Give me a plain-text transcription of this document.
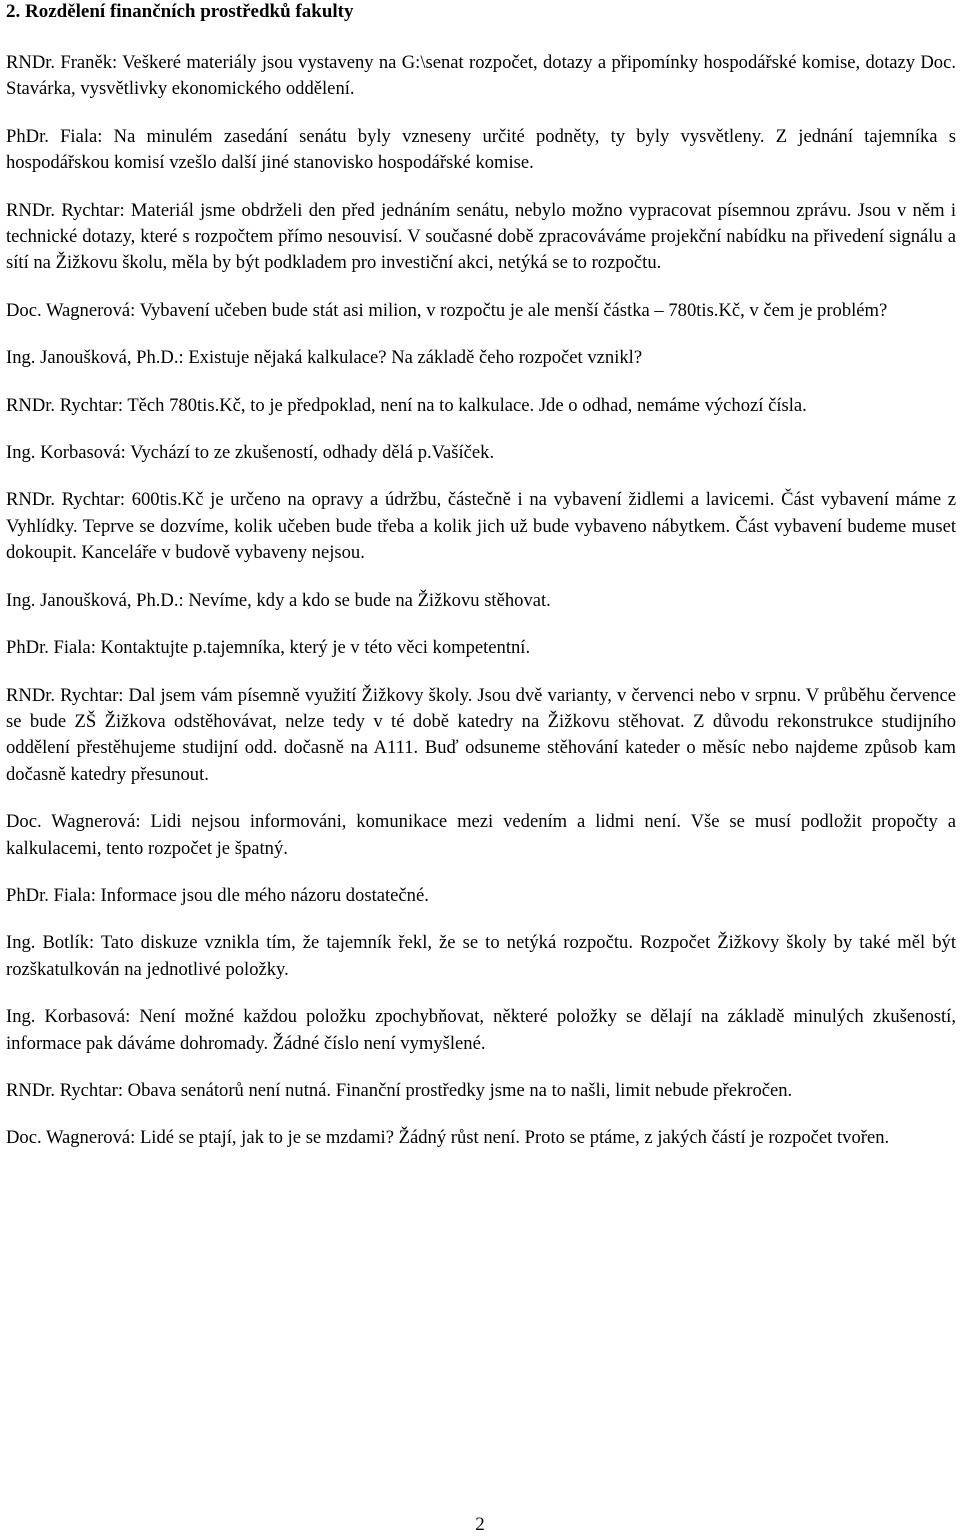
2. Rozdělení finančních prostředků fakulty

RNDr. Franěk: Veškeré materiály jsou vystaveny na G:\senat rozpočet, dotazy a připomínky hospodářské komise, dotazy Doc. Stavárka, vysvětlivky ekonomického oddělení.

PhDr. Fiala: Na minulém zasedání senátu byly vzneseny určité podněty, ty byly vysvětleny. Z jednání tajemníka s hospodářskou komisí vzešlo další jiné stanovisko hospodářské komise.

RNDr. Rychtar: Materiál jsme obdrželi den před jednáním senátu, nebylo možno vypracovat písemnou zprávu. Jsou v něm i technické dotazy, které s rozpočtem přímo nesouvisí. V současné době zpracováváme projekční nabídku na přivedení signálu a sítí na Žižkovu školu, měla by být podkladem pro investiční akci, netýká se to rozpočtu.

Doc. Wagnerová: Vybavení učeben bude stát asi milion, v rozpočtu je ale menší částka – 780tis.Kč, v čem je problém?

Ing. Janoušková, Ph.D.: Existuje nějaká kalkulace? Na základě čeho rozpočet vznikl?

RNDr. Rychtar: Těch 780tis.Kč, to je předpoklad, není na to kalkulace. Jde o odhad, nemáme výchozí čísla.

Ing. Korbasová: Vychází to ze zkušeností, odhady dělá p.Vašíček.

RNDr. Rychtar: 600tis.Kč je určeno na opravy a údržbu, částečně i na vybavení židlemi a lavicemi. Část vybavení máme z Vyhlídky. Teprve se dozvíme, kolik učeben bude třeba a kolik jich už bude vybaveno nábytkem. Část vybavení budeme muset dokoupit. Kanceláře v budově vybaveny nejsou.

Ing. Janoušková, Ph.D.: Nevíme, kdy a kdo se bude na Žižkovu stěhovat.

PhDr. Fiala: Kontaktujte p.tajemníka, který je v této věci kompetentní.

RNDr. Rychtar: Dal jsem vám písemně využití Žižkovy školy. Jsou dvě varianty, v červenci nebo v srpnu. V průběhu července se bude ZŠ Žižkova odstěhovávat, nelze tedy v té době katedry na Žižkovu stěhovat. Z důvodu rekonstrukce studijního oddělení přestěhujeme studijní odd. dočasně na A111. Buď odsuneme stěhování kateder o měsíc nebo najdeme způsob kam dočasně katedry přesunout.

Doc. Wagnerová: Lidi nejsou informováni, komunikace mezi vedením a lidmi není. Vše se musí podložit propočty a kalkulacemi, tento rozpočet je špatný.

PhDr. Fiala: Informace jsou dle mého názoru dostatečné.

Ing. Botlík: Tato diskuze vznikla tím, že tajemník řekl, že se to netýká rozpočtu. Rozpočet Žižkovy školy by také měl být rozškatulkován na jednotlivé položky.

Ing. Korbasová: Není možné každou položku zpochybňovat, některé položky se dělají na základě minulých zkušeností, informace pak dáváme dohromady. Žádné číslo není vymyšlené.

RNDr. Rychtar: Obava senátorů není nutná. Finanční prostředky jsme na to našli, limit nebude překročen.

Doc. Wagnerová: Lidé se ptají, jak to je se mzdami? Žádný růst není. Proto se ptáme, z jakých částí je rozpočet tvořen.

2
